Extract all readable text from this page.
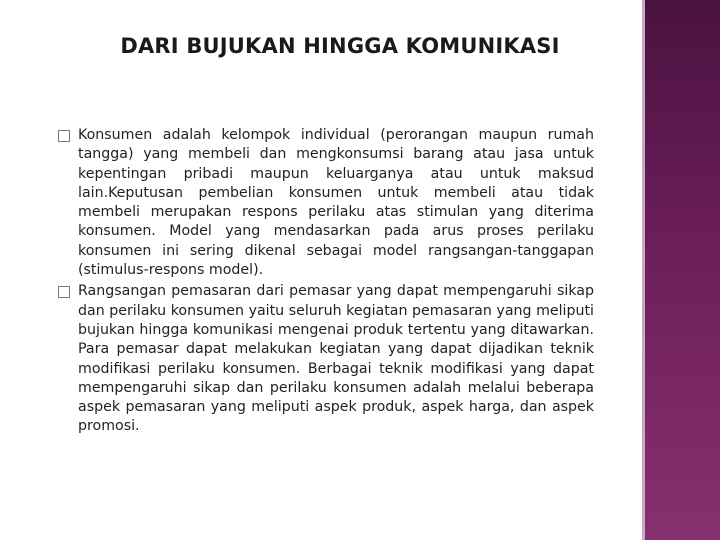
DARI BUJUKAN HINGGA KOMUNIKASI
Konsumen adalah kelompok individual (perorangan maupun rumah tangga) yang membeli dan mengkonsumsi barang atau jasa untuk kepentingan pribadi maupun keluarganya atau untuk maksud lain.Keputusan pembelian konsumen untuk membeli atau tidak membeli merupakan respons perilaku atas stimulan yang diterima konsumen. Model yang mendasarkan pada arus proses perilaku konsumen ini sering dikenal sebagai model rangsangan-tanggapan (stimulus-respons model).
Rangsangan pemasaran dari pemasar yang dapat mempengaruhi sikap dan perilaku konsumen yaitu seluruh kegiatan pemasaran yang meliputi bujukan hingga komunikasi mengenai produk tertentu yang ditawarkan. Para pemasar dapat melakukan kegiatan yang dapat dijadikan teknik modifikasi perilaku konsumen. Berbagai teknik modifikasi yang dapat mempengaruhi sikap dan perilaku konsumen adalah melalui beberapa aspek pemasaran yang meliputi aspek produk, aspek harga, dan aspek promosi.
